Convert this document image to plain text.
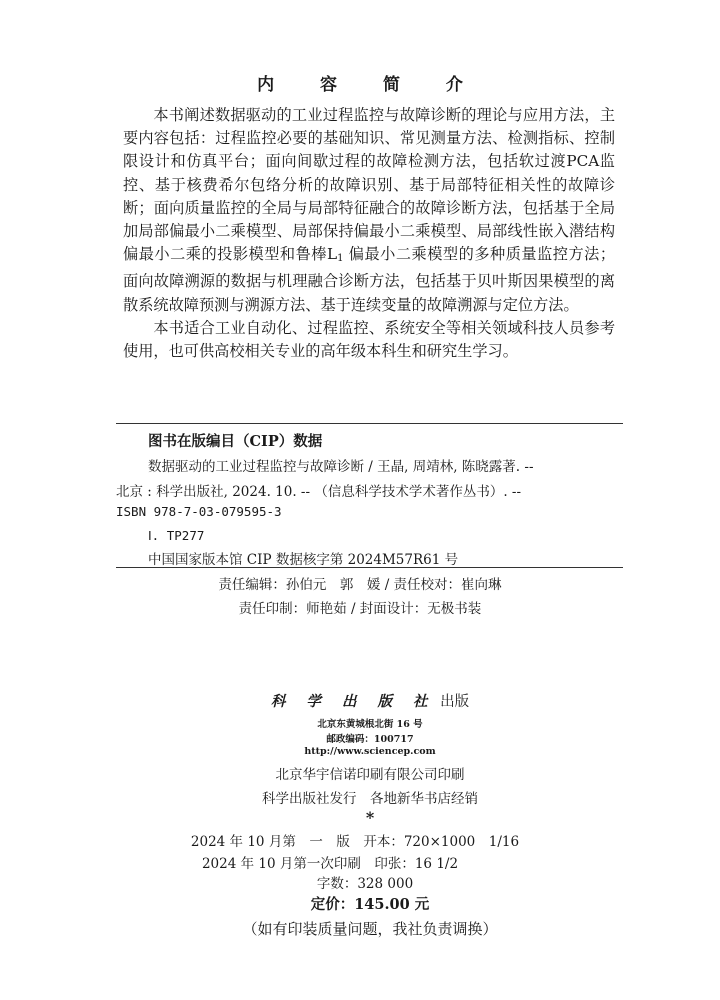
内 容 简 介

本书阐述数据驱动的工业过程监控与故障诊断的理论与应用方法，主要内容包括：过程监控必要的基础知识、常见测量方法、检测指标、控制限设计和仿真平台；面向间歇过程的故障检测方法，包括软过渡PCA监控、基于核费希尔包络分析的故障识别、基于局部特征相关性的故障诊断；面向质量监控的全局与局部特征融合的故障诊断方法，包括基于全局加局部偏最小二乘模型、局部保持偏最小二乘模型、局部线性嵌入潜结构偏最小二乘的投影模型和鲁棒$L_1$ 偏最小二乘模型的多种质量监控方法；面向故障溯源的数据与机理融合诊断方法，包括基于贝叶斯因果模型的离散系统故障预测与溯源方法、基于连续变量的故障溯源与定位方法。

本书适合工业自动化、过程监控、系统安全等相关领域科技人员参考使用，也可供高校相关专业的高年级本科生和研究生学习。

图书在版编目（CIP）数据
数据驱动的工业过程监控与故障诊断 / 王晶, 周靖林, 陈晓露著. --
北京 : 科学出版社, 2024. 10. -- （信息科学技术学术著作丛书）. --
ISBN 978-7-03-079595-3
Ⅰ. TP277
中国国家版本馆 CIP 数据核字第 2024M57R61 号
责任编辑：孙伯元　郭　媛 / 责任校对：崔向琳
责任印制：师艳茹 / 封面设计：无极书装
科 学 出 版 社 出版
北京东黄城根北街 16 号
邮政编码：100717
http://www.sciencep.com
北京华宇信诺印刷有限公司印刷
科学出版社发行　各地新华书店经销
*
2024 年 10 月第　一　版　开本：720×1000　1/16
2024 年 10 月第一次印刷　印张：16 1/2
字数：328 000
定价：145.00 元
（如有印装质量问题，我社负责调换）
